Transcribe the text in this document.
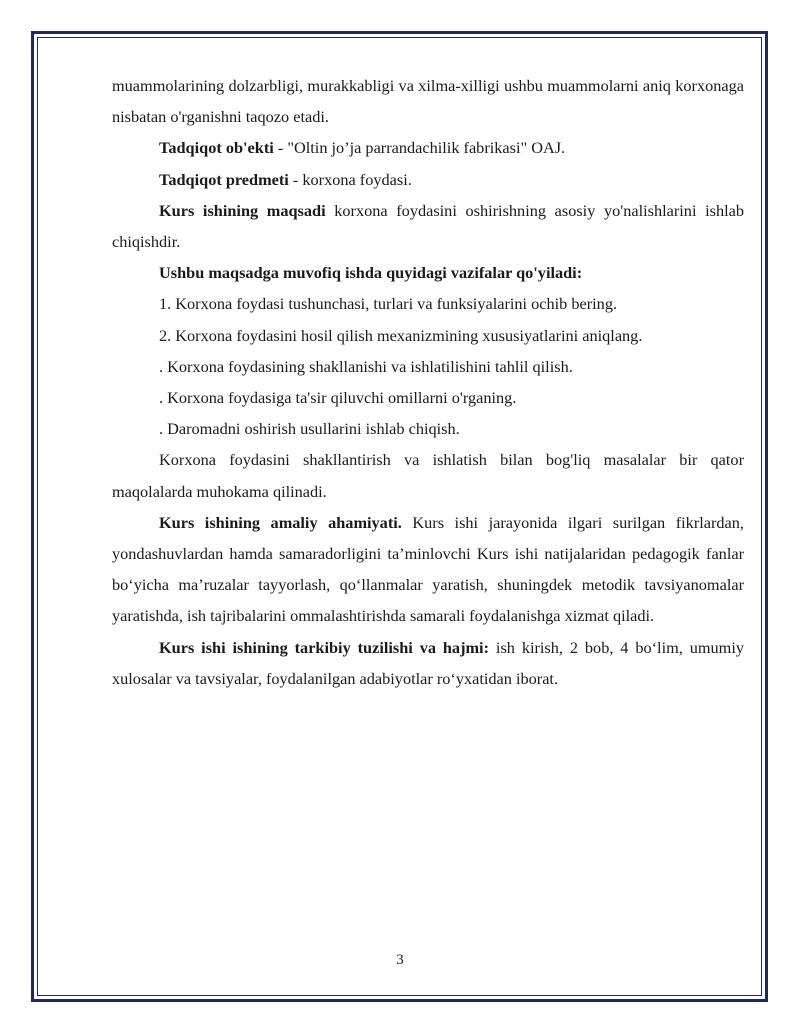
muammolarining dolzarbligi, murakkabligi va xilma-xilligi ushbu muammolarni aniq korxonaga nisbatan o'rganishni taqozo etadi.

Tadqiqot ob'ekti - "Oltin jo’ja parrandachilik fabrikasi" OAJ.

Tadqiqot predmeti - korxona foydasi.

Kurs ishining maqsadi korxona foydasini oshirishning asosiy yo'nalishlarini ishlab chiqishdir.

Ushbu maqsadga muvofiq ishda quyidagi vazifalar qo'yiladi:

1. Korxona foydasi tushunchasi, turlari va funksiyalarini ochib bering.

2. Korxona foydasini hosil qilish mexanizmining xususiyatlarini aniqlang.

. Korxona foydasining shakllanishi va ishlatilishini tahlil qilish.

. Korxona foydasiga ta'sir qiluvchi omillarni o'rganing.

. Daromadni oshirish usullarini ishlab chiqish.

Korxona foydasini shakllantirish va ishlatish bilan bog'liq masalalar bir qator maqolalarda muhokama qilinadi.

Kurs ishining amaliy ahamiyati. Kurs ishi jarayonida ilgari surilgan fikrlardan, yondashuvlardan hamda samaradorligini ta’minlovchi Kurs ishi natijalaridan pedagogik fanlar bo‘yicha ma’ruzalar tayyorlash, qo‘llanmalar yaratish, shuningdek metodik tavsiyanomalar yaratishda, ish tajribalarini ommalashtirishda samarali foydalanishga xizmat qiladi.

Kurs ishi ishining tarkibiy tuzilishi va hajmi: ish kirish, 2 bob, 4 bo‘lim, umumiy xulosalar va tavsiyalar, foydalanilgan adabiyotlar ro‘yxatidan iborat.

3
